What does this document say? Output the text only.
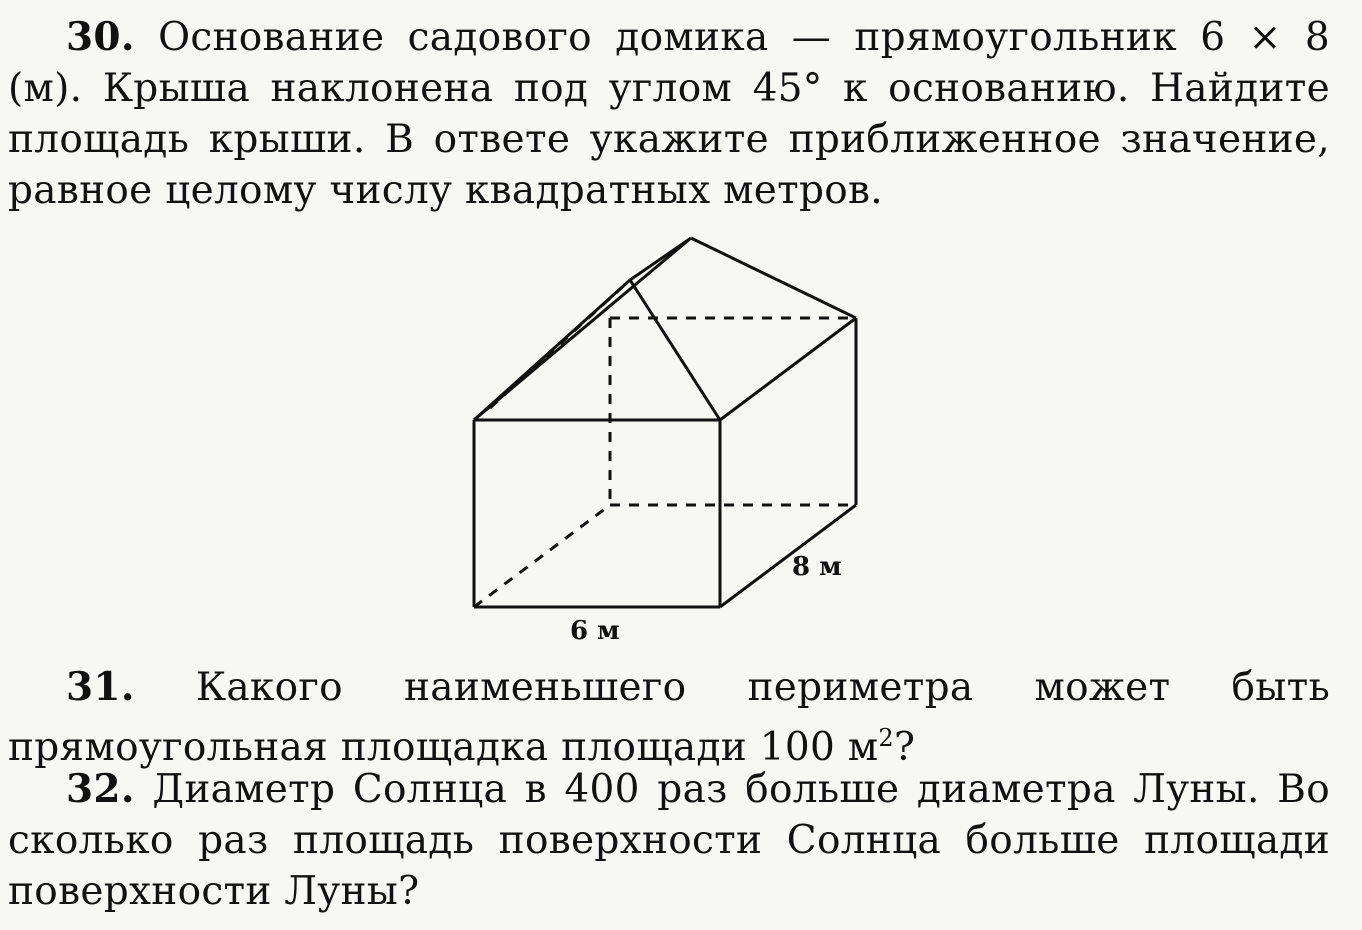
30. Основание садового домика — прямоугольник 6 × 8 (м). Крыша наклонена под углом 45° к основанию. Найдите площадь крыши. В ответе укажите приближенное значение, равное целому числу квадратных метров.
6 м
8 м
31. Какого наименьшего периметра может быть прямоугольная площадка площади 100 $м^2$?
32. Диаметр Солнца в 400 раз больше диаметра Луны. Во сколько раз площадь поверхности Солнца больше площади поверхности Луны?
